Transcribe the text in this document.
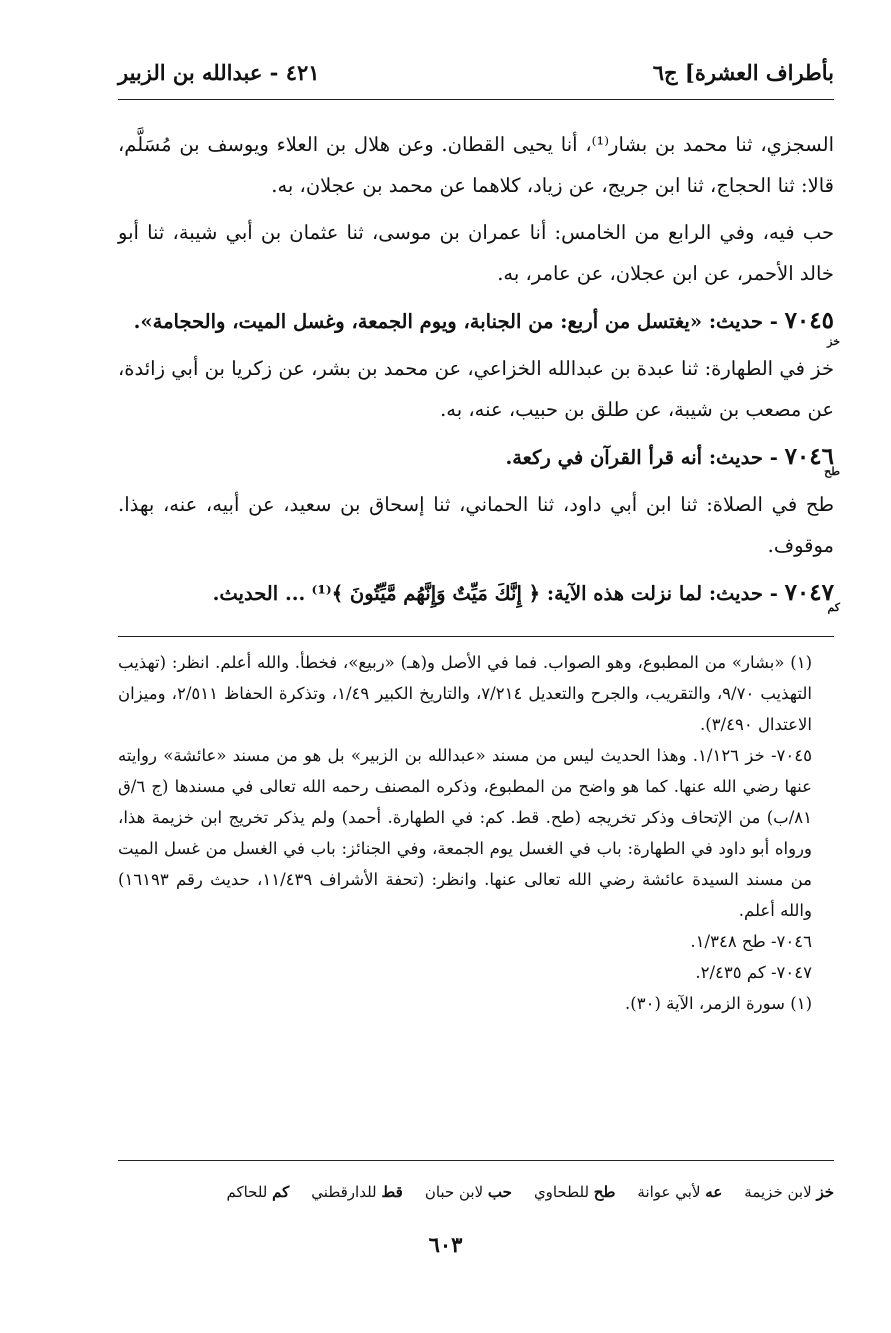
بأطراف العشرة] ج٦
٤٢١ - عبدالله بن الزبير

السجزي، ثنا محمد بن بشار⁽¹⁾، أنا يحيى القطان. وعن هلال بن العلاء ويوسف بن مُسَلَّم، قالا: ثنا الحجاج، ثنا ابن جريج، عن زياد، كلاهما عن محمد بن عجلان، به.

حب فيه، وفي الرابع من الخامس: أنا عمران بن موسى، ثنا عثمان بن أبي شيبة، ثنا أبو خالد الأحمر، عن ابن عجلان، عن عامر، به.

٧٠٤٥ - حديث: «يغتسل من أربع: من الجنابة، ويوم الجمعة، وغسل الميت، والحجامة».
خز

خز في الطهارة: ثنا عبدة بن عبدالله الخزاعي، عن محمد بن بشر، عن زكريا بن أبي زائدة، عن مصعب بن شيبة، عن طلق بن حبيب، عنه، به.

٧٠٤٦ - حديث: أنه قرأ القرآن في ركعة.
طح

طح في الصلاة: ثنا ابن أبي داود، ثنا الحماني، ثنا إسحاق بن سعيد، عن أبيه، عنه، بهذا. موقوف.

٧٠٤٧ - حديث: لما نزلت هذه الآية: ﴿ إِنَّكَ مَيِّتٌ وَإِنَّهُم مَّيِّتُونَ ﴾⁽¹⁾ ... الحديث.
كم

(١) «بشار» من المطبوع، وهو الصواب. فما في الأصل و(هـ) «ربيع»، فخطأ. والله أعلم. انظر: (تهذيب التهذيب ٩/٧٠، والتقريب، والجرح والتعديل ٧/٢١٤، والتاريخ الكبير ١/٤٩، وتذكرة الحفاظ ٢/٥١١، وميزان الاعتدال ٣/٤٩٠).

٧٠٤٥- خز ١/١٢٦. وهذا الحديث ليس من مسند «عبدالله بن الزبير» بل هو من مسند «عائشة» روايته عنها رضي الله عنها. كما هو واضح من المطبوع، وذكره المصنف رحمه الله تعالى في مسندها (ج ٦/ق ٨١/ب) من الإتحاف وذكر تخريجه (طح. قط. كم: في الطهارة. أحمد) ولم يذكر تخريج ابن خزيمة هذا، ورواه أبو داود في الطهارة: باب في الغسل يوم الجمعة، وفي الجنائز: باب في الغسل من غسل الميت من مسند السيدة عائشة رضي الله تعالى عنها. وانظر: (تحفة الأشراف ١١/٤٣٩، حديث رقم ١٦١٩٣) والله أعلم.

٧٠٤٦- طح ١/٣٤٨.

٧٠٤٧- كم ٢/٤٣٥.

(١) سورة الزمر، الآية (٣٠).

خز لابن خزيمة
عه لأبي عوانة
طح للطحاوي
حب لابن حبان
قط للدارقطني
كم للحاكم
٦٠٣
